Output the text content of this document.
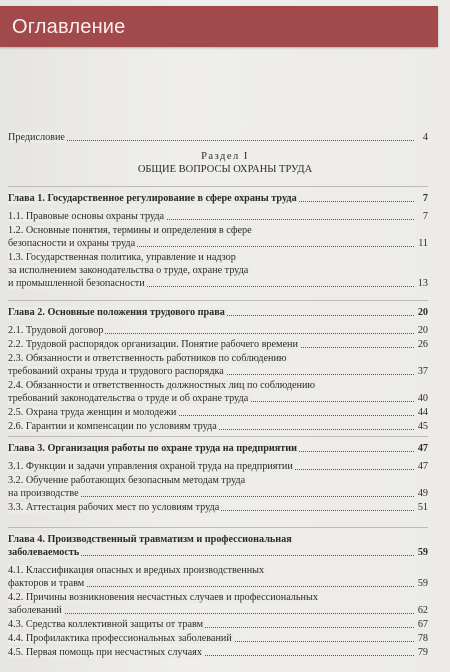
Оглавление
Предисловие	4
Раздел I
ОБЩИЕ ВОПРОСЫ ОХРАНЫ ТРУДА
Глава 1. Государственное регулирование в сфере охраны труда	7
1.1. Правовые основы охраны труда	7
1.2. Основные понятия, термины и определения в сфере
безопасности и охраны труда	11
1.3. Государственная политика, управление и надзор
за исполнением законодательства о труде, охране труда
и промышленной безопасности	13
Глава 2. Основные положения трудового права	20
2.1. Трудовой договор	20
2.2. Трудовой распорядок организации. Понятие рабочего времени	26
2.3. Обязанности и ответственность работников по соблюдению
требований охраны труда и трудового распорядка	37
2.4. Обязанности и ответственность должностных лиц по соблюдению
требований законодательства о труде и об охране труда	40
2.5. Охрана труда женщин и молодежи	44
2.6. Гарантии и компенсации по условиям труда	45
Глава 3. Организация работы по охране труда на предприятии	47
3.1. Функции и задачи управления охраной труда на предприятии	47
3.2. Обучение работающих безопасным методам труда
на производстве	49
3.3. Аттестация рабочих мест по условиям труда	51
Глава 4. Производственный травматизм и профессиональная
заболеваемость	59
4.1. Классификация опасных и вредных производственных
факторов и травм	59
4.2. Причины возникновения несчастных случаев и профессиональных
заболеваний	62
4.3. Средства коллективной защиты от травм	67
4.4. Профилактика профессиональных заболеваний	78
4.5. Первая помощь при несчастных случаях	79
